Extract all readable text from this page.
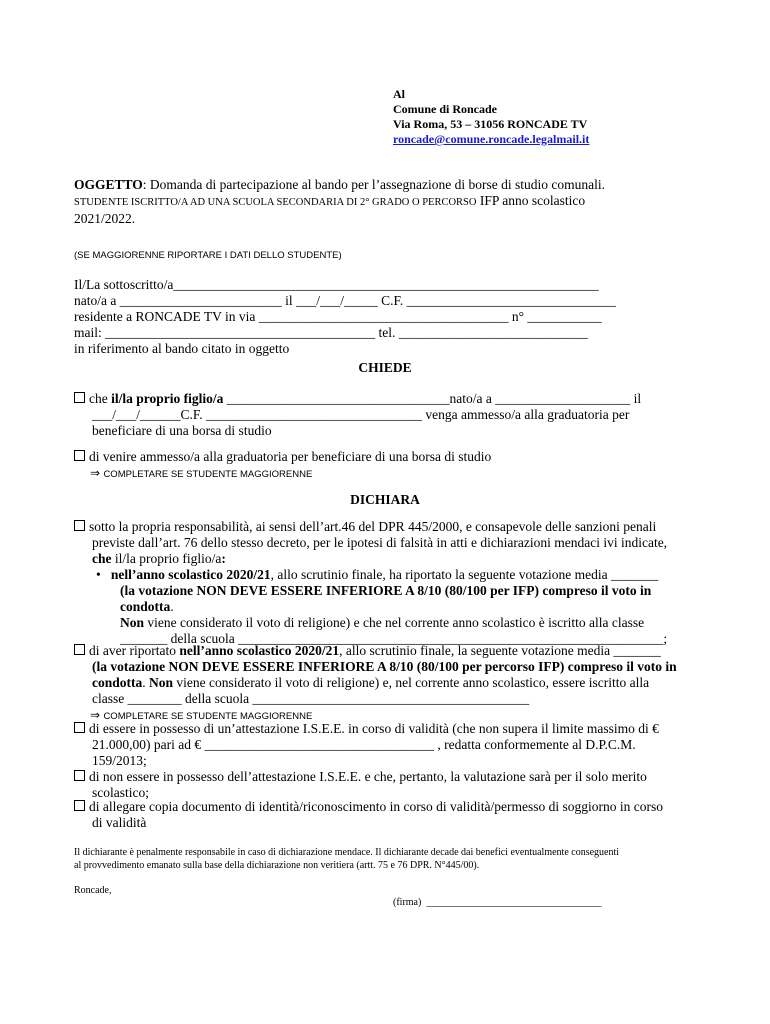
Al
Comune di Roncade
Via Roma, 53 – 31056 RONCADE TV
roncade@comune.roncade.legalmail.it
OGGETTO: Domanda di partecipazione al bando per l’assegnazione di borse di studio comunali.
STUDENTE ISCRITTO/A AD UNA SCUOLA SECONDARIA DI 2° GRADO O PERCORSO IFP anno scolastico
2021/2022.
(SE MAGGIORENNE RIPORTARE I DATI DELLO STUDENTE)
Il/La sottoscritto/a_______________________________________________________________
nato/a a ________________________ il ___/___/_____ C.F. _______________________________
residente a RONCADE TV in via _____________________________________ n° ___________
mail: ________________________________________ tel. ____________________________
in riferimento al bando citato in oggetto
CHIEDE
che il/la proprio figlio/a _________________________________nato/a a ____________________ il
___/___/______C.F. ________________________________ venga ammesso/a alla graduatoria per
beneficiare di una borsa di studio
di venire ammesso/a alla graduatoria per beneficiare di una borsa di studio
⇒ COMPLETARE SE STUDENTE MAGGIORENNE
DICHIARA
sotto la propria responsabilità, ai sensi dell’art.46 del DPR 445/2000, e consapevole delle sanzioni penali
previste dall’art. 76 dello stesso decreto, per le ipotesi di falsità in atti e dichiarazioni mendaci ivi indicate,
che il/la proprio figlio/a:
• nell’anno scolastico 2020/21, allo scrutinio finale, ha riportato la seguente votazione media _______
(la votazione NON DEVE ESSERE INFERIORE A 8/10 (80/100 per IFP) compreso il voto in condotta.
Non viene considerato il voto di religione) e che nel corrente anno scolastico è iscritto alla classe
_______ della scuola _______________________________________________________________;
di aver riportato nell’anno scolastico 2020/21, allo scrutinio finale, la seguente votazione media _______
(la votazione NON DEVE ESSERE INFERIORE A 8/10 (80/100 per percorso IFP) compreso il voto in
condotta. Non viene considerato il voto di religione) e, nel corrente anno scolastico, essere iscritto alla
classe ________ della scuola _________________________________________
⇒ COMPLETARE SE STUDENTE MAGGIORENNE
di essere in possesso di un’attestazione I.S.E.E. in corso di validità (che non supera il limite massimo di €
21.000,00) pari ad € __________________________________ , redatta conformemente al D.P.C.M.
159/2013;
di non essere in possesso dell’attestazione I.S.E.E. e che, pertanto, la valutazione sarà per il solo merito
scolastico;
di allegare copia documento di identità/riconoscimento in corso di validità/permesso di soggiorno in corso
di validità
Il dichiarante è penalmente responsabile in caso di dichiarazione mendace. Il dichiarante decade dai benefici eventualmente conseguenti
al provvedimento emanato sulla base della dichiarazione non veritiera (artt. 75 e 76 DPR. N°445/00).
Roncade,
(firma) ___________________________________
